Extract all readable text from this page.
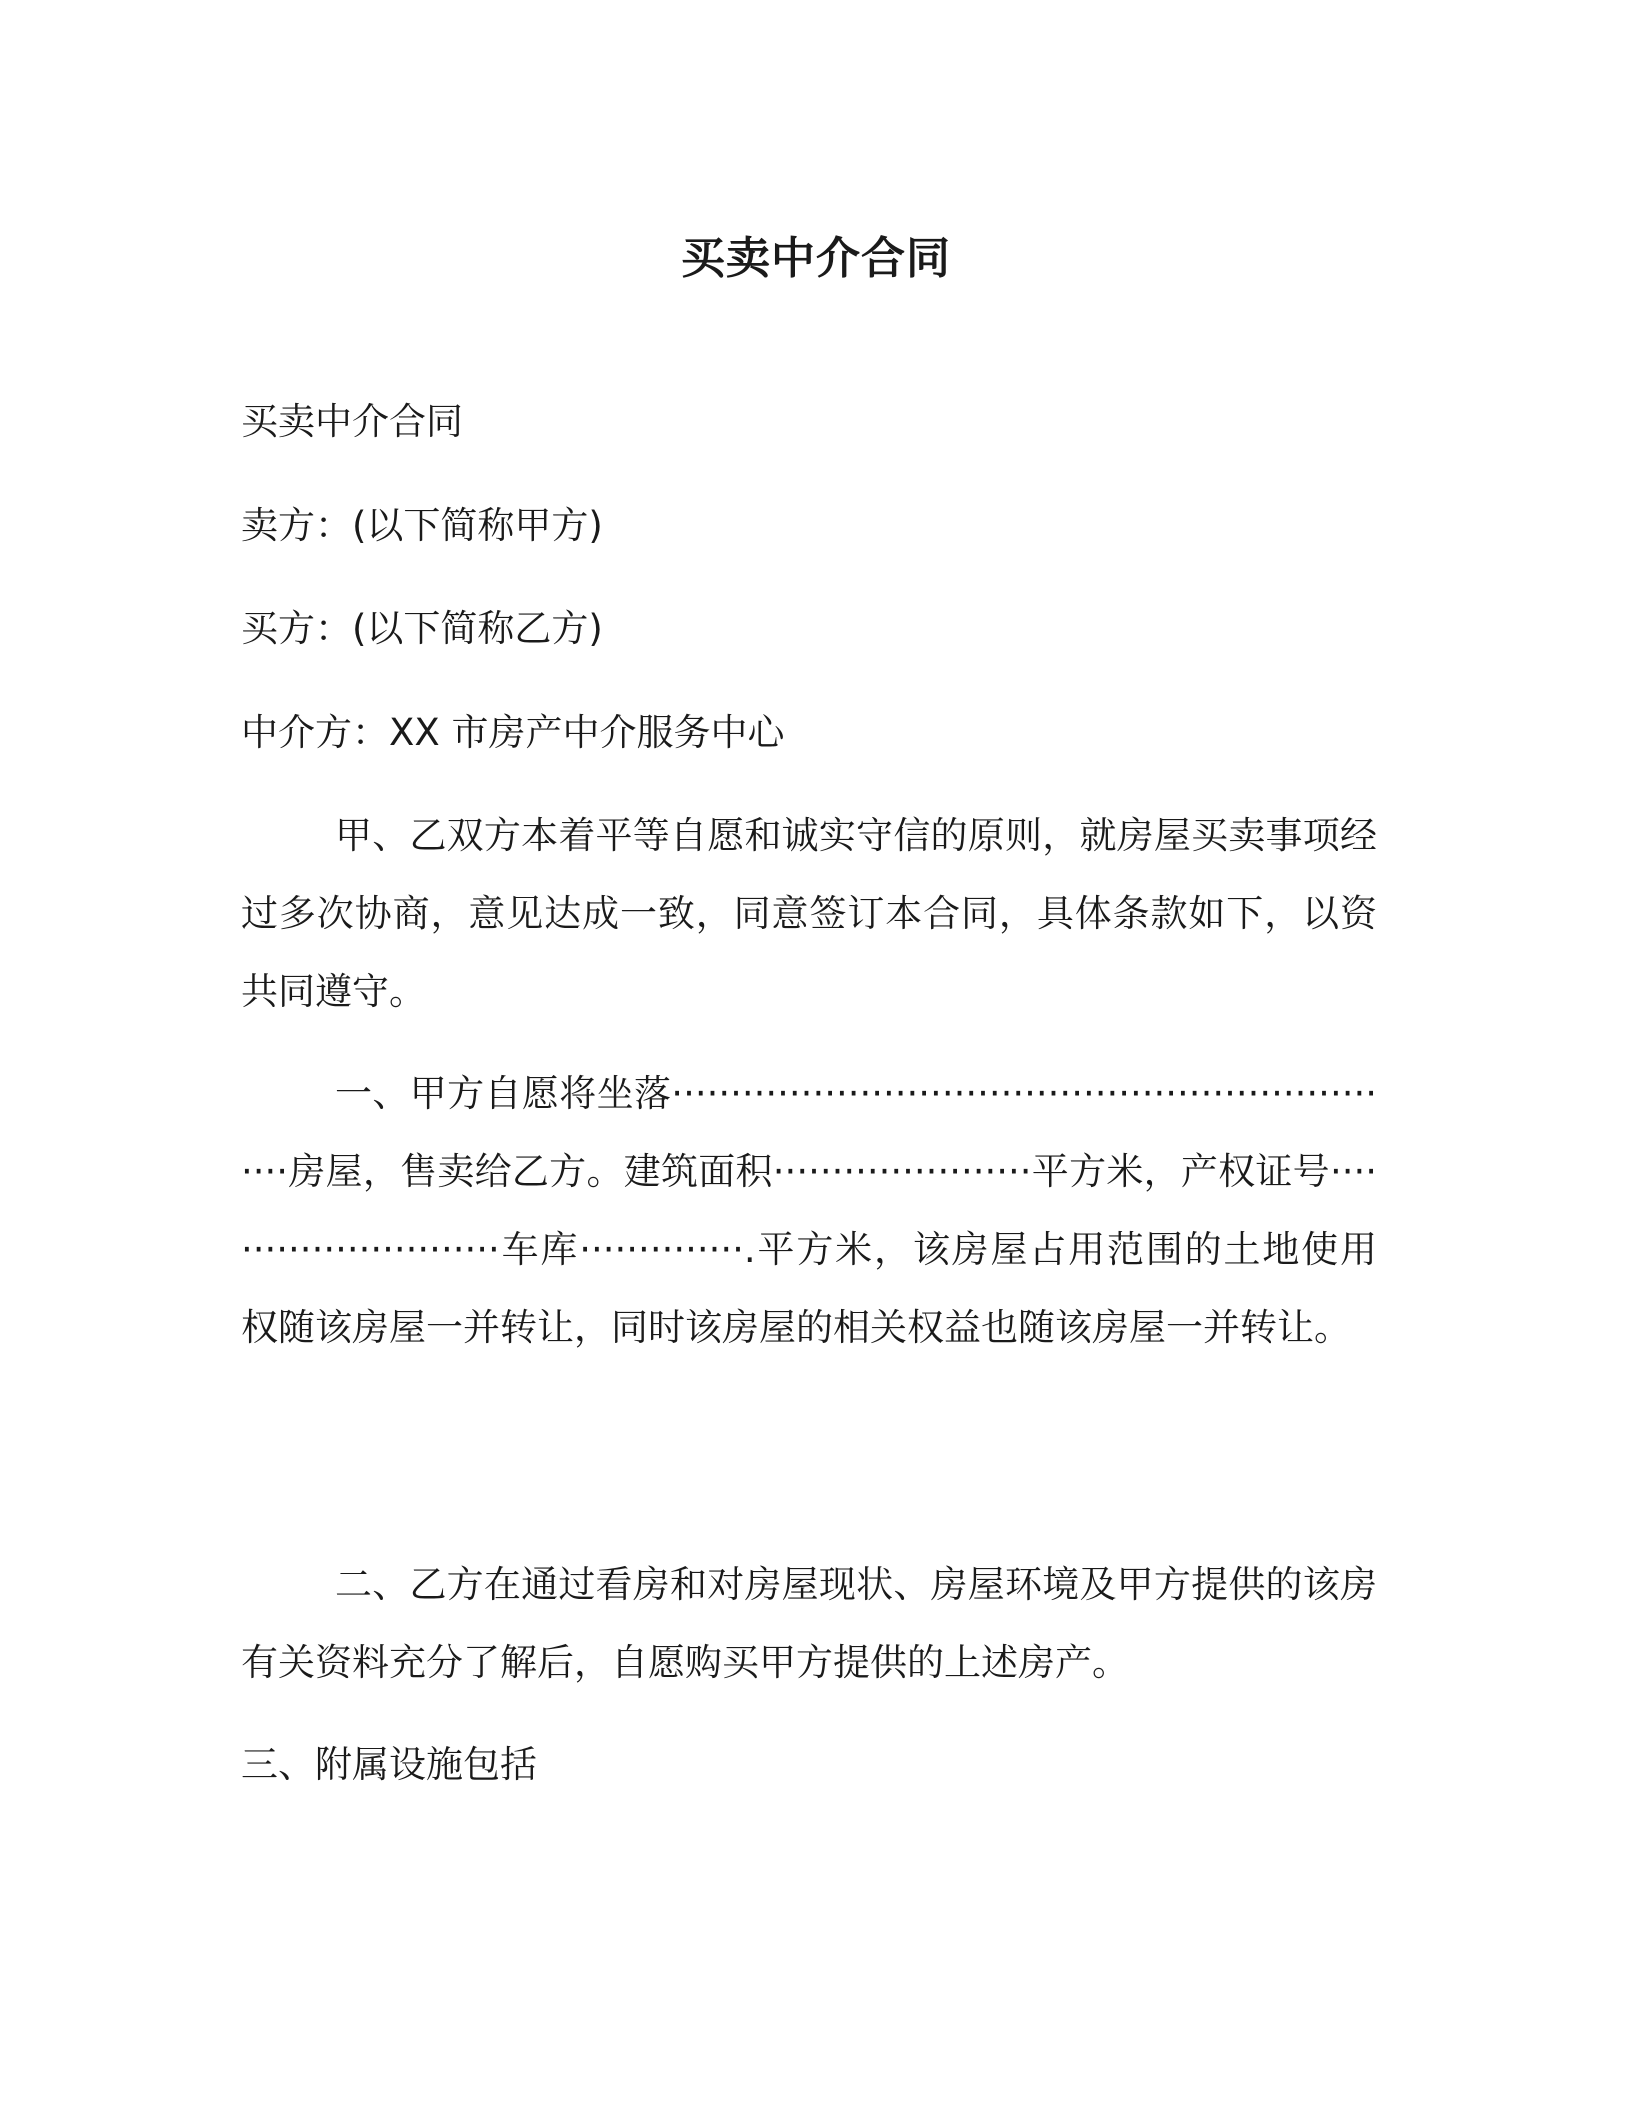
买卖中介合同
买卖中介合同
卖方：(以下简称甲方)
买方：(以下简称乙方)
中介方：XX 市房产中介服务中心
甲、乙双方本着平等自愿和诚实守信的原则，就房屋买卖事项经过多次协商，意见达成一致，同意签订本合同，具体条款如下，以资共同遵守。
一、甲方自愿将坐落································································房屋，售卖给乙方。建筑面积······················平方米，产权证号··························车库··············.平方米，该房屋占用范围的土地使用权随该房屋一并转让，同时该房屋的相关权益也随该房屋一并转让。
二、乙方在通过看房和对房屋现状、房屋环境及甲方提供的该房有关资料充分了解后，自愿购买甲方提供的上述房产。
三、附属设施包括
